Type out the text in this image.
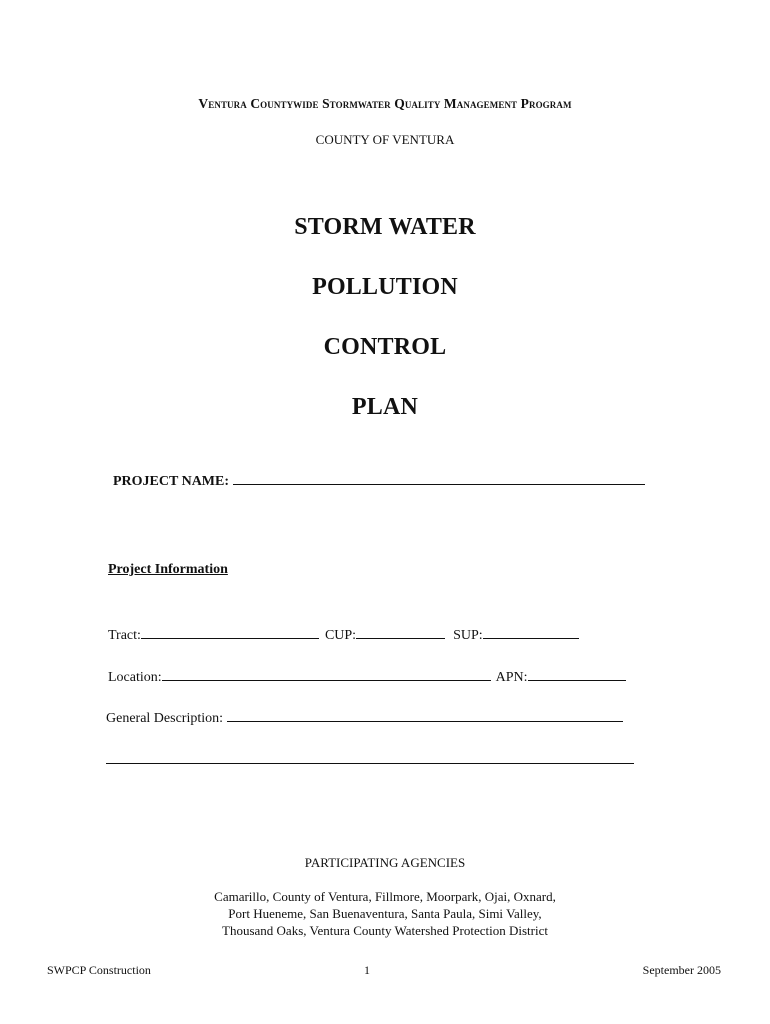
Ventura Countywide Stormwater Quality Management Program
COUNTY OF VENTURA
STORM WATER
POLLUTION
CONTROL
PLAN
PROJECT NAME:
Project Information
Tract:	CUP:	SUP:
Location:	APN:
General Description:
PARTICIPATING AGENCIES
Camarillo, County of Ventura, Fillmore, Moorpark, Ojai, Oxnard,
Port Hueneme, San Buenaventura, Santa Paula, Simi Valley,
Thousand Oaks, Ventura County Watershed Protection District
SWPCP Construction	1	September 2005
